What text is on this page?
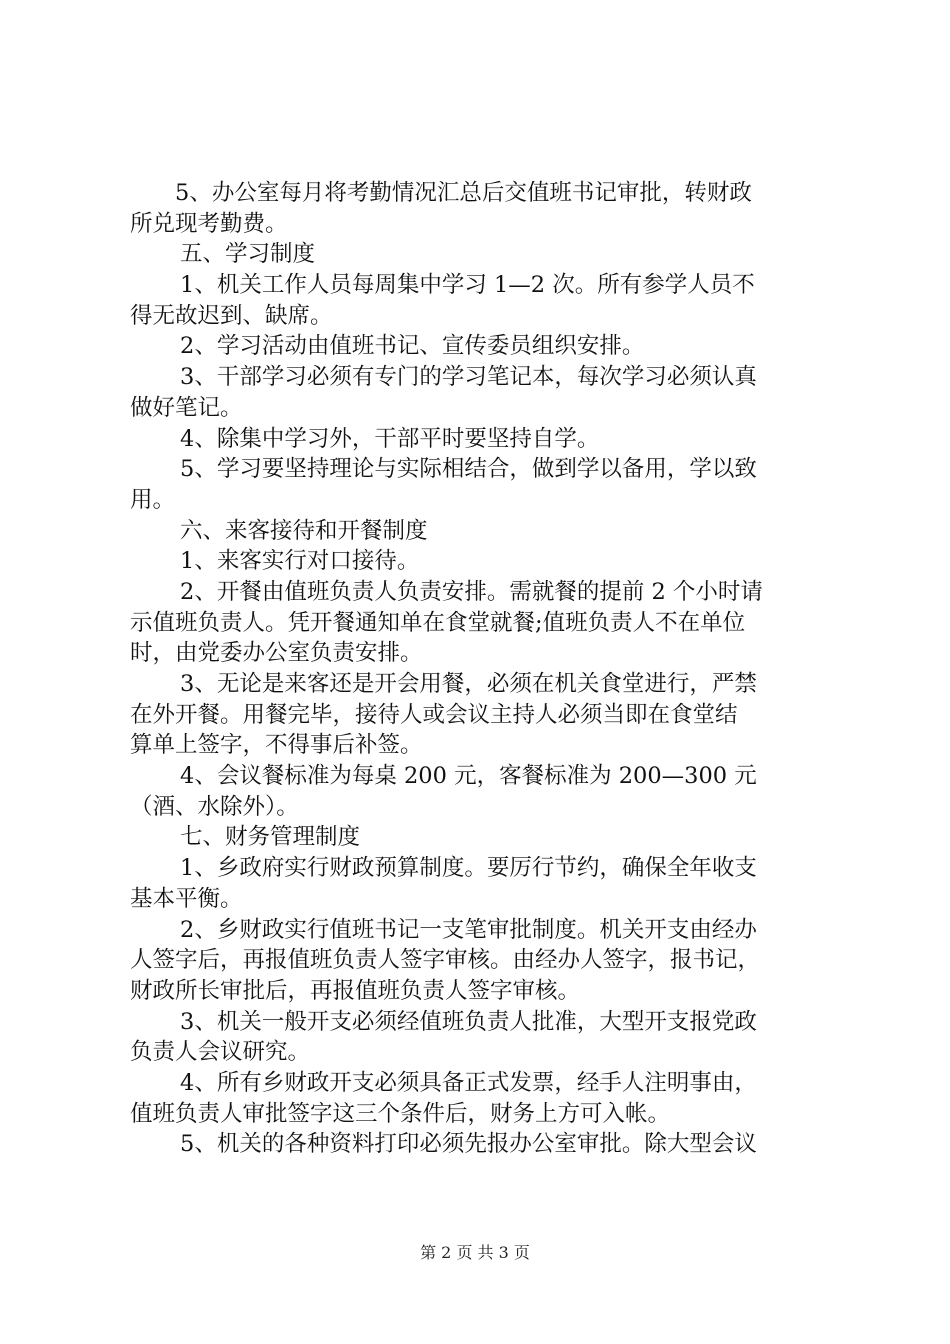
5、办公室每月将考勤情况汇总后交值班书记审批，转财政
所兑现考勤费。
五、学习制度
1、机关工作人员每周集中学习 1—2 次。所有参学人员不
得无故迟到、缺席。
2、学习活动由值班书记、宣传委员组织安排。
3、干部学习必须有专门的学习笔记本，每次学习必须认真
做好笔记。
4、除集中学习外，干部平时要坚持自学。
5、学习要坚持理论与实际相结合，做到学以备用，学以致
用。
六、来客接待和开餐制度
1、来客实行对口接待。
2、开餐由值班负责人负责安排。需就餐的提前 2 个小时请
示值班负责人。凭开餐通知单在食堂就餐;值班负责人不在单位
时，由党委办公室负责安排。
3、无论是来客还是开会用餐，必须在机关食堂进行，严禁
在外开餐。用餐完毕，接待人或会议主持人必须当即在食堂结
算单上签字，不得事后补签。
4、会议餐标准为每桌 200 元，客餐标准为 200—300 元
（酒、水除外）。
七、财务管理制度
1、乡政府实行财政预算制度。要厉行节约，确保全年收支
基本平衡。
2、乡财政实行值班书记一支笔审批制度。机关开支由经办
人签字后，再报值班负责人签字审核。由经办人签字，报书记，
财政所长审批后，再报值班负责人签字审核。
3、机关一般开支必须经值班负责人批准，大型开支报党政
负责人会议研究。
4、所有乡财政开支必须具备正式发票，经手人注明事由，
值班负责人审批签字这三个条件后，财务上方可入帐。
5、机关的各种资料打印必须先报办公室审批。除大型会议
第 2 页 共 3 页
